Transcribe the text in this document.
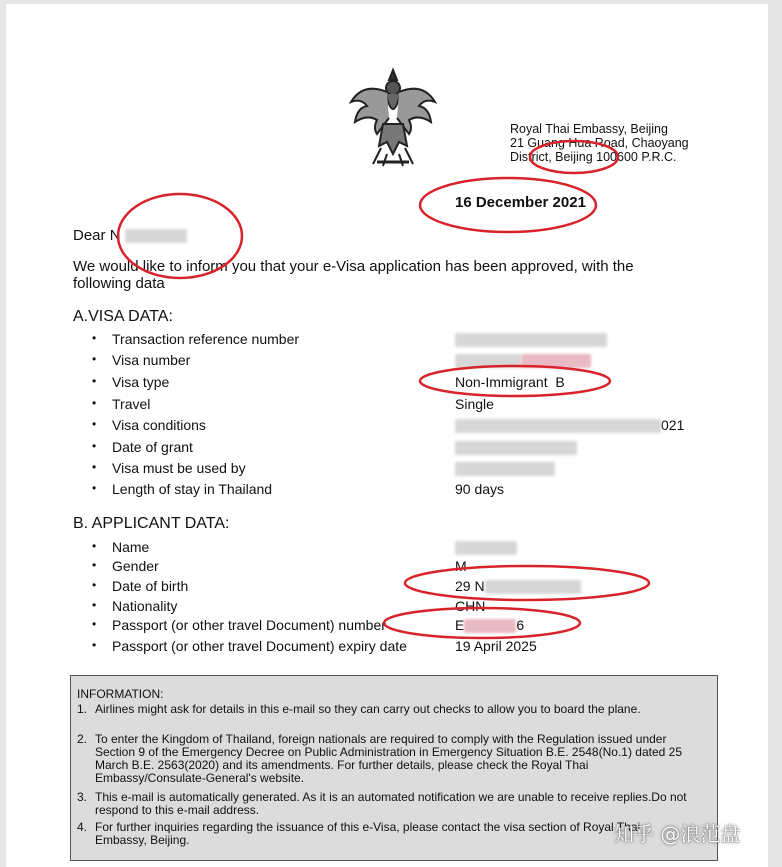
Royal Thai Embassy, Beijing
21 Guang Hua Road, Chaoyang
District, Beijing 100600 P.R.C.
16 December 2021
Dear N
We would like to inform you that your e-Visa application has been approved, with the following data
A.VISA DATA:
• Transaction reference number
• Visa number
• Visa type	Non-Immigrant  B
• Travel	Single
• Visa conditions	021
• Date of grant
• Visa must be used by
• Length of stay in Thailand	90 days
B. APPLICANT DATA:
• Name
• Gender	M
• Date of birth	29 N
• Nationality	CHN
• Passport (or other travel Document) number	E	6
• Passport (or other travel Document) expiry date	19 April 2025
INFORMATION:
1. Airlines might ask for details in this e-mail so they can carry out checks to allow you to board the plane.
2. To enter the Kingdom of Thailand, foreign nationals are required to comply with the Regulation issued under Section 9 of the Emergency Decree on Public Administration in Emergency Situation B.E. 2548(No.1) dated 25 March B.E. 2563(2020) and its amendments. For further details, please check the Royal Thai Embassy/Consulate-General's website.
3. This e-mail is automatically generated. As it is an automated notification we are unable to receive replies.Do not respond to this e-mail address.
4. For further inquiries regarding the issuance of this e-Visa, please contact the visa section of Royal Thai Embassy, Beijing.	知乎 @浪范盘
